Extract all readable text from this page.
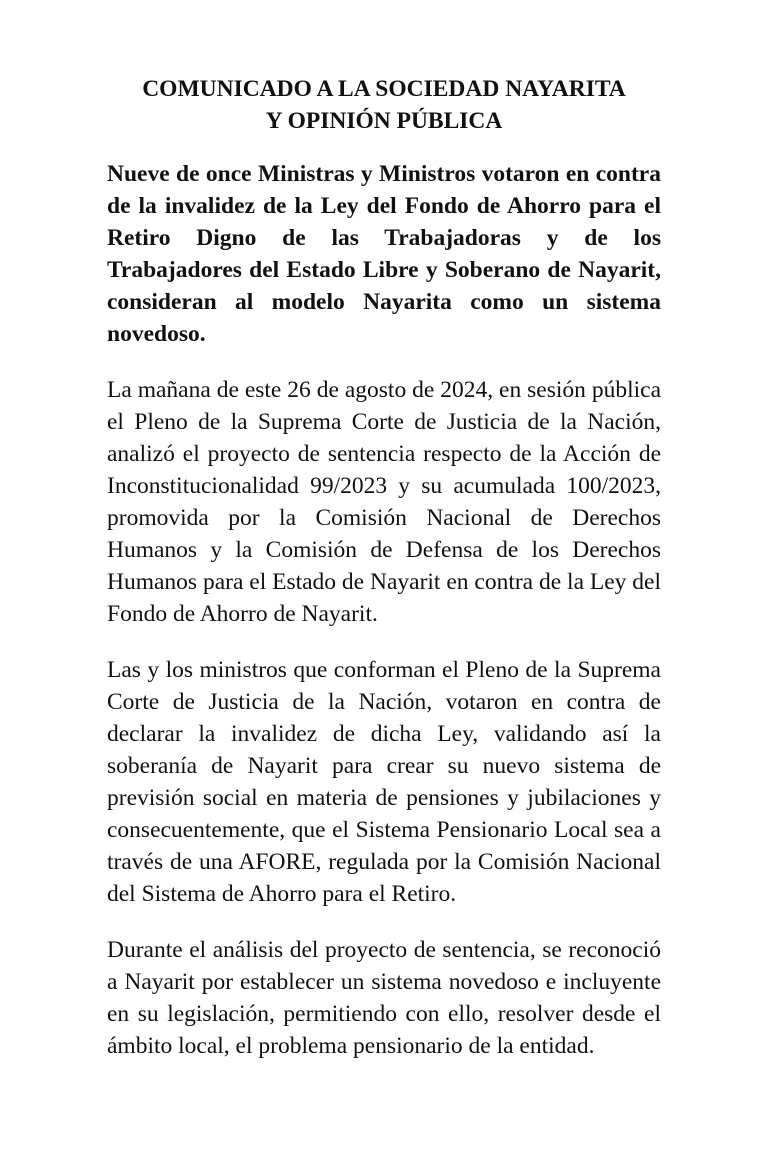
COMUNICADO A LA SOCIEDAD NAYARITA
Y OPINIÓN PÚBLICA

Nueve de once Ministras y Ministros votaron en contra de la invalidez de la Ley del Fondo de Ahorro para el Retiro Digno de las Trabajadoras y de los Trabajadores del Estado Libre y Soberano de Nayarit, consideran al modelo Nayarita como un sistema novedoso.

La mañana de este 26 de agosto de 2024, en sesión pública el Pleno de la Suprema Corte de Justicia de la Nación, analizó el proyecto de sentencia respecto de la Acción de Inconstitucionalidad 99/2023 y su acumulada 100/2023, promovida por la Comisión Nacional de Derechos Humanos y la Comisión de Defensa de los Derechos Humanos para el Estado de Nayarit en contra de la Ley del Fondo de Ahorro de Nayarit.

Las y los ministros que conforman el Pleno de la Suprema Corte de Justicia de la Nación, votaron en contra de declarar la invalidez de dicha Ley, validando así la soberanía de Nayarit para crear su nuevo sistema de previsión social en materia de pensiones y jubilaciones y consecuentemente, que el Sistema Pensionario Local sea a través de una AFORE, regulada por la Comisión Nacional del Sistema de Ahorro para el Retiro.

Durante el análisis del proyecto de sentencia, se reconoció a Nayarit por establecer un sistema novedoso e incluyente en su legislación, permitiendo con ello, resolver desde el ámbito local, el problema pensionario de la entidad.
